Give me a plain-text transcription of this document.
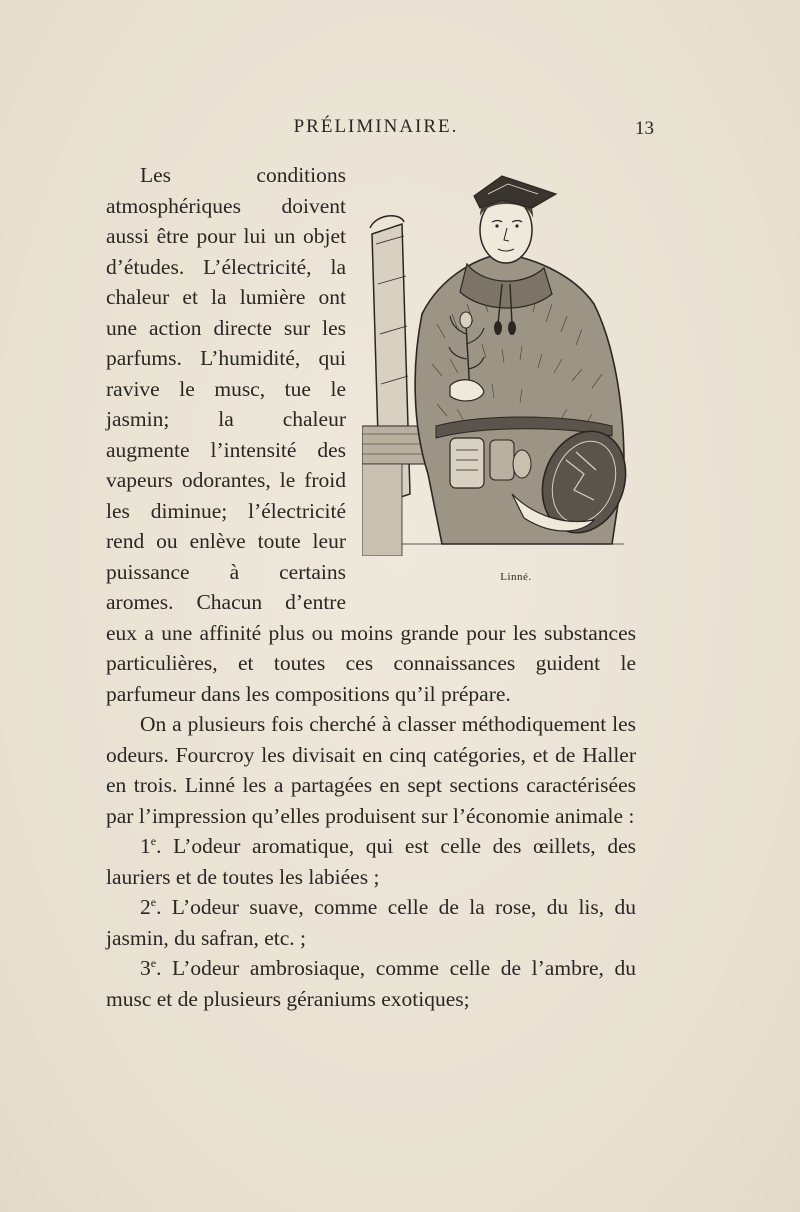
PRÉLIMINAIRE.	13

Linné.
Les conditions atmosphériques doivent aussi être pour lui un objet d’études. L’électricité, la chaleur et la lumière ont une action directe sur les parfums. L’humidité, qui ravive le musc, tue le jasmin; la chaleur augmente l’intensité des vapeurs odorantes, le froid les diminue; l’électricité rend ou enlève toute leur puissance à certains aromes. Chacun d’entre eux a une affinité plus ou moins grande pour les substances particulières, et toutes ces connaissances guident le parfumeur dans les compositions qu’il prépare.

On a plusieurs fois cherché à classer méthodiquement les odeurs. Fourcroy les divisait en cinq catégories, et de Haller en trois. Linné les a partagées en sept sections caractérisées par l’impression qu’elles produisent sur l’économie animale :

1e. L’odeur aromatique, qui est celle des œillets, des lauriers et de toutes les labiées ;

2e. L’odeur suave, comme celle de la rose, du lis, du jasmin, du safran, etc. ;

3e. L’odeur ambrosiaque, comme celle de l’ambre, du musc et de plusieurs géraniums exotiques;
